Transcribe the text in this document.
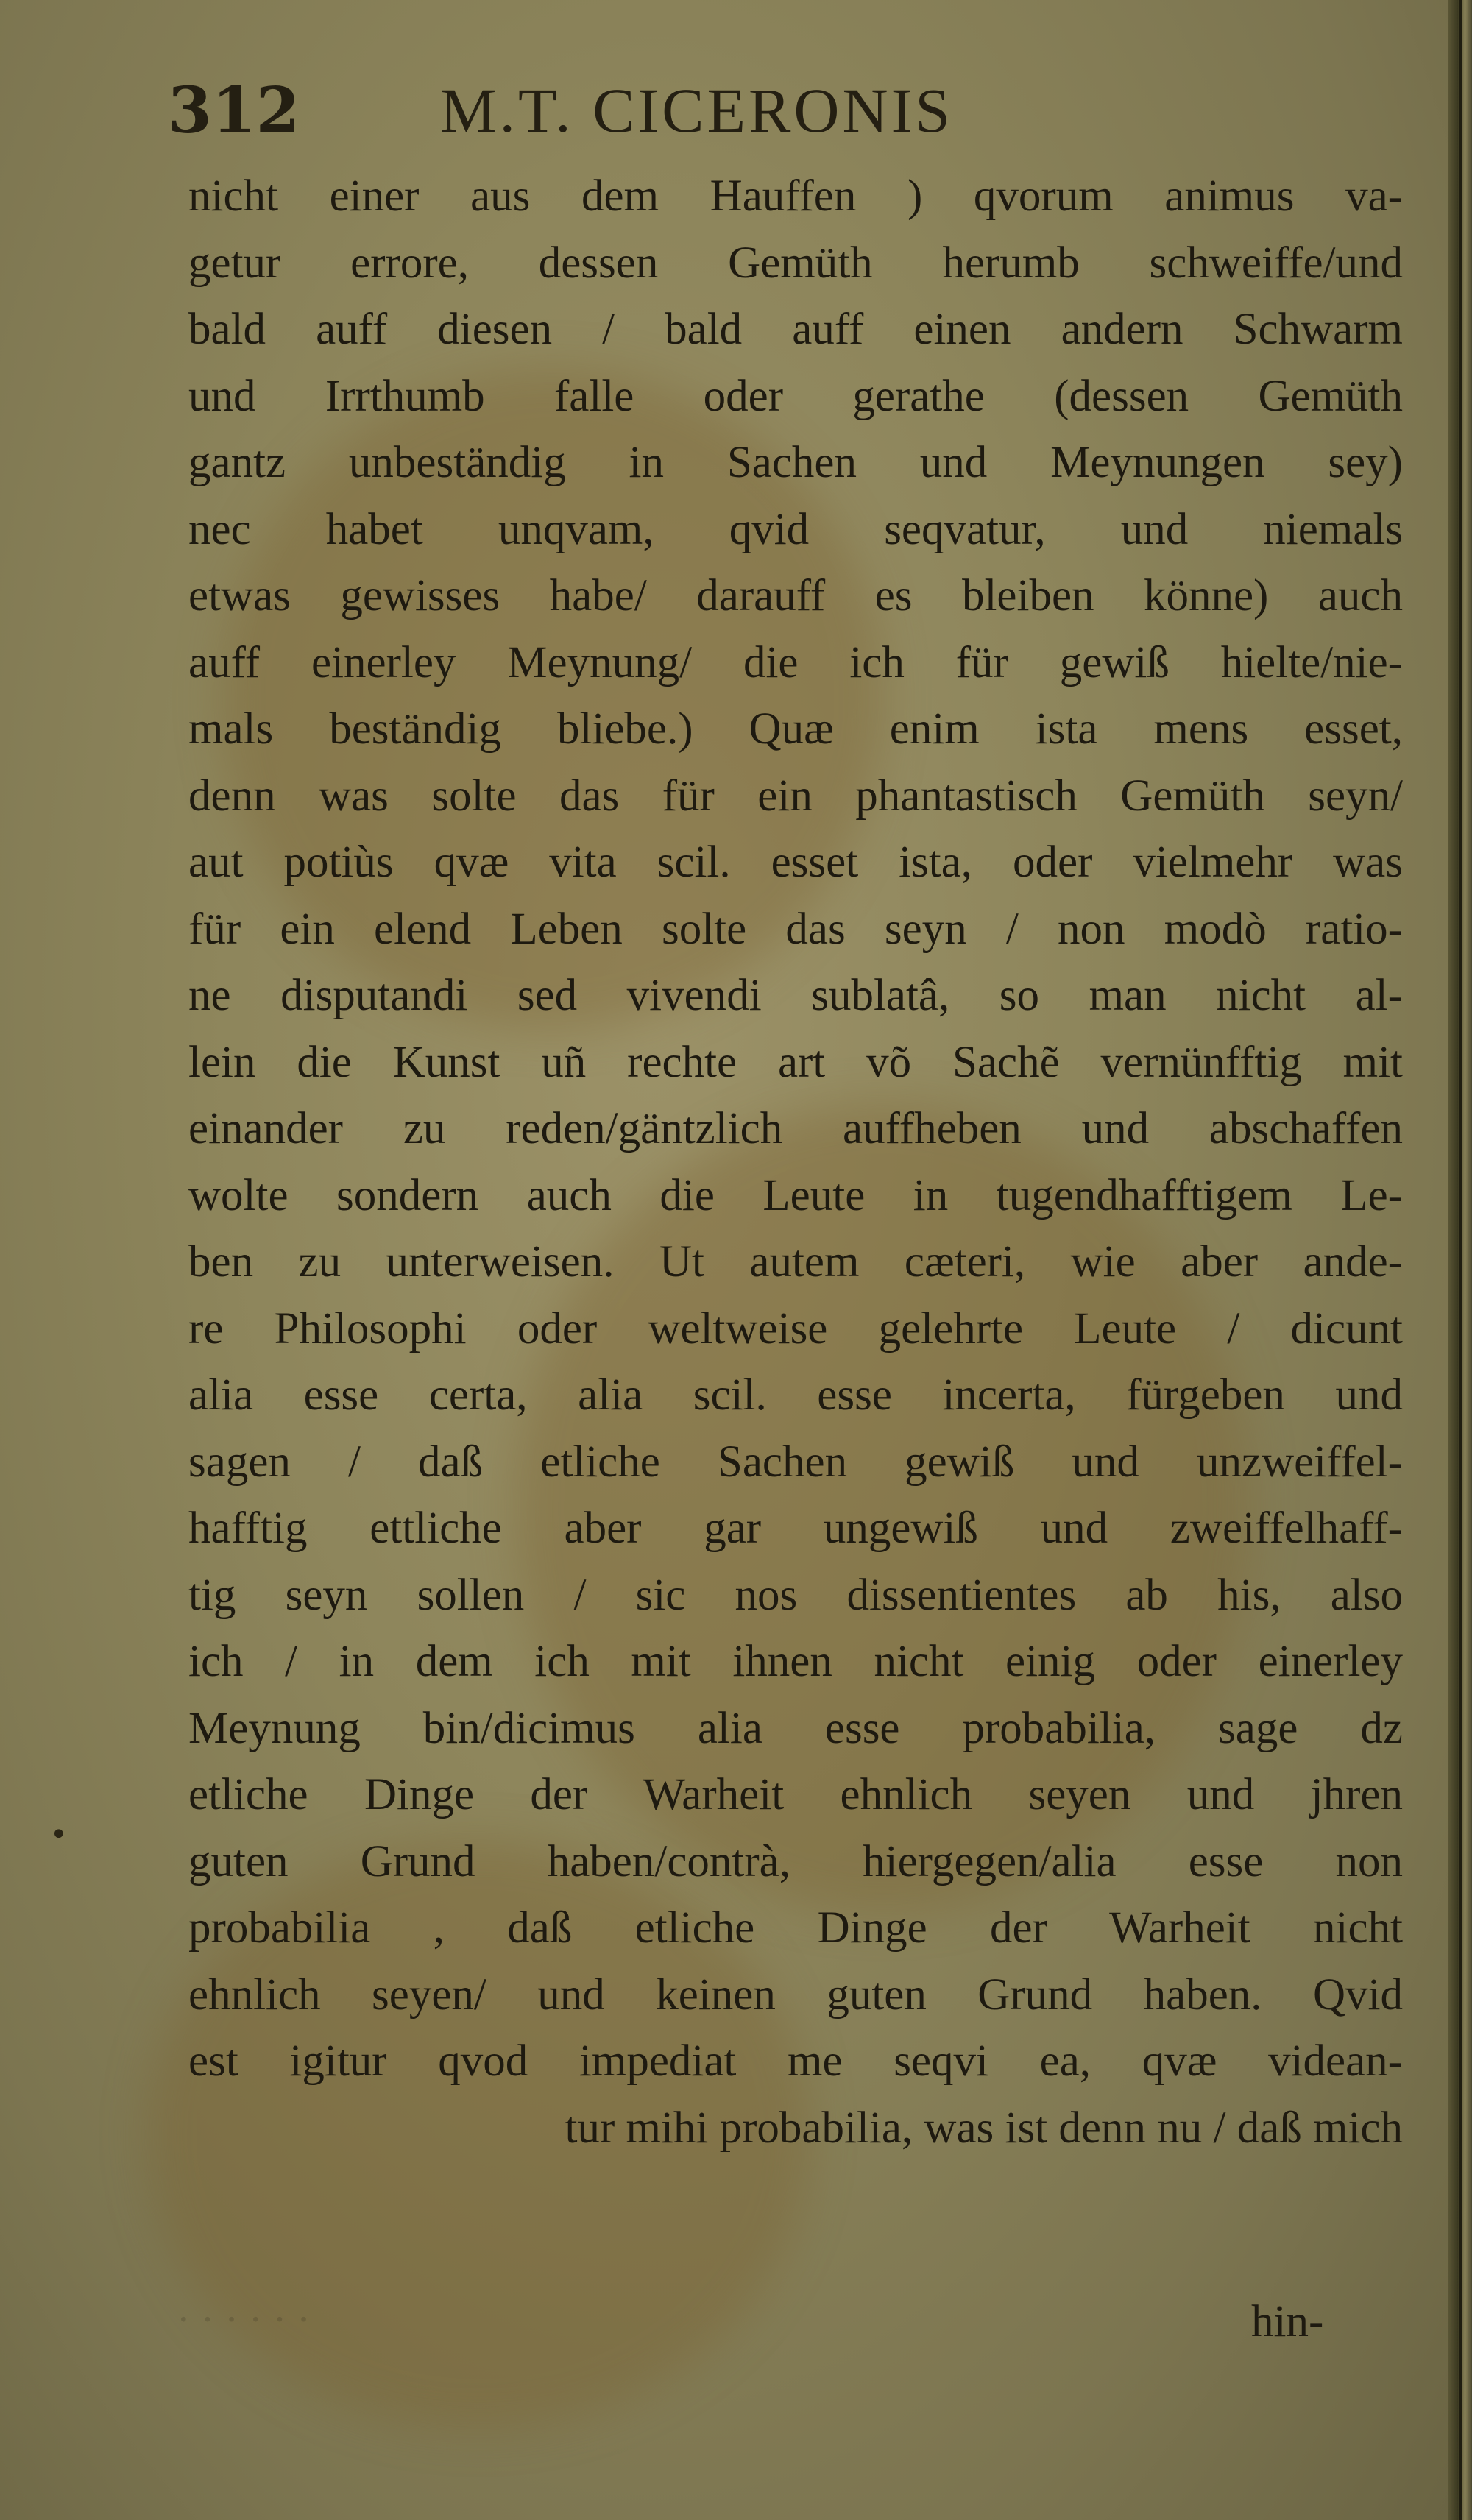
312 M.T. CICERONIS
nicht einer aus dem Hauffen ) qvorum animus va-
getur errore, dessen Gemüth herumb schweiffe/und
bald auff diesen / bald auff einen andern Schwarm
und Irrthumb falle oder gerathe (dessen Gemüth
gantz unbeständig in Sachen und Meynungen sey)
nec habet unqvam, qvid seqvatur, und niemals
etwas gewisses habe/ darauff es bleiben könne) auch
auff einerley Meynung/ die ich für gewiß hielte/nie-
mals beständig bliebe.) Quæ enim ista mens esset,
denn was solte das für ein phantastisch Gemüth seyn/
aut potiùs qvæ vita scil. esset ista, oder vielmehr was
für ein elend Leben solte das seyn / non modò ratio-
ne disputandi sed vivendi sublatâ, so man nicht al-
lein die Kunst uñ rechte art võ Sachẽ vernünfftig mit
einander zu reden/gäntzlich auffheben und abschaffen
wolte sondern auch die Leute in tugendhafftigem Le-
ben zu unterweisen. Ut autem cæteri, wie aber ande-
re Philosophi oder weltweise gelehrte Leute / dicunt
alia esse certa, alia scil. esse incerta, fürgeben und
sagen / daß etliche Sachen gewiß und unzweiffel-
hafftig ettliche aber gar ungewiß und zweiffelhaff-
tig seyn sollen / sic nos dissentientes ab his, also
ich / in dem ich mit ihnen nicht einig oder einerley
Meynung bin/dicimus alia esse probabilia, sage dz
etliche Dinge der Warheit ehnlich seyen und jhren
guten Grund haben/contrà, hiergegen/alia esse non
probabilia , daß etliche Dinge der Warheit nicht
ehnlich seyen/ und keinen guten Grund haben. Qvid
est igitur qvod impediat me seqvi ea, qvæ videan-
tur mihi probabilia, was ist denn nu / daß mich
•
· · · · · ·	hin-
